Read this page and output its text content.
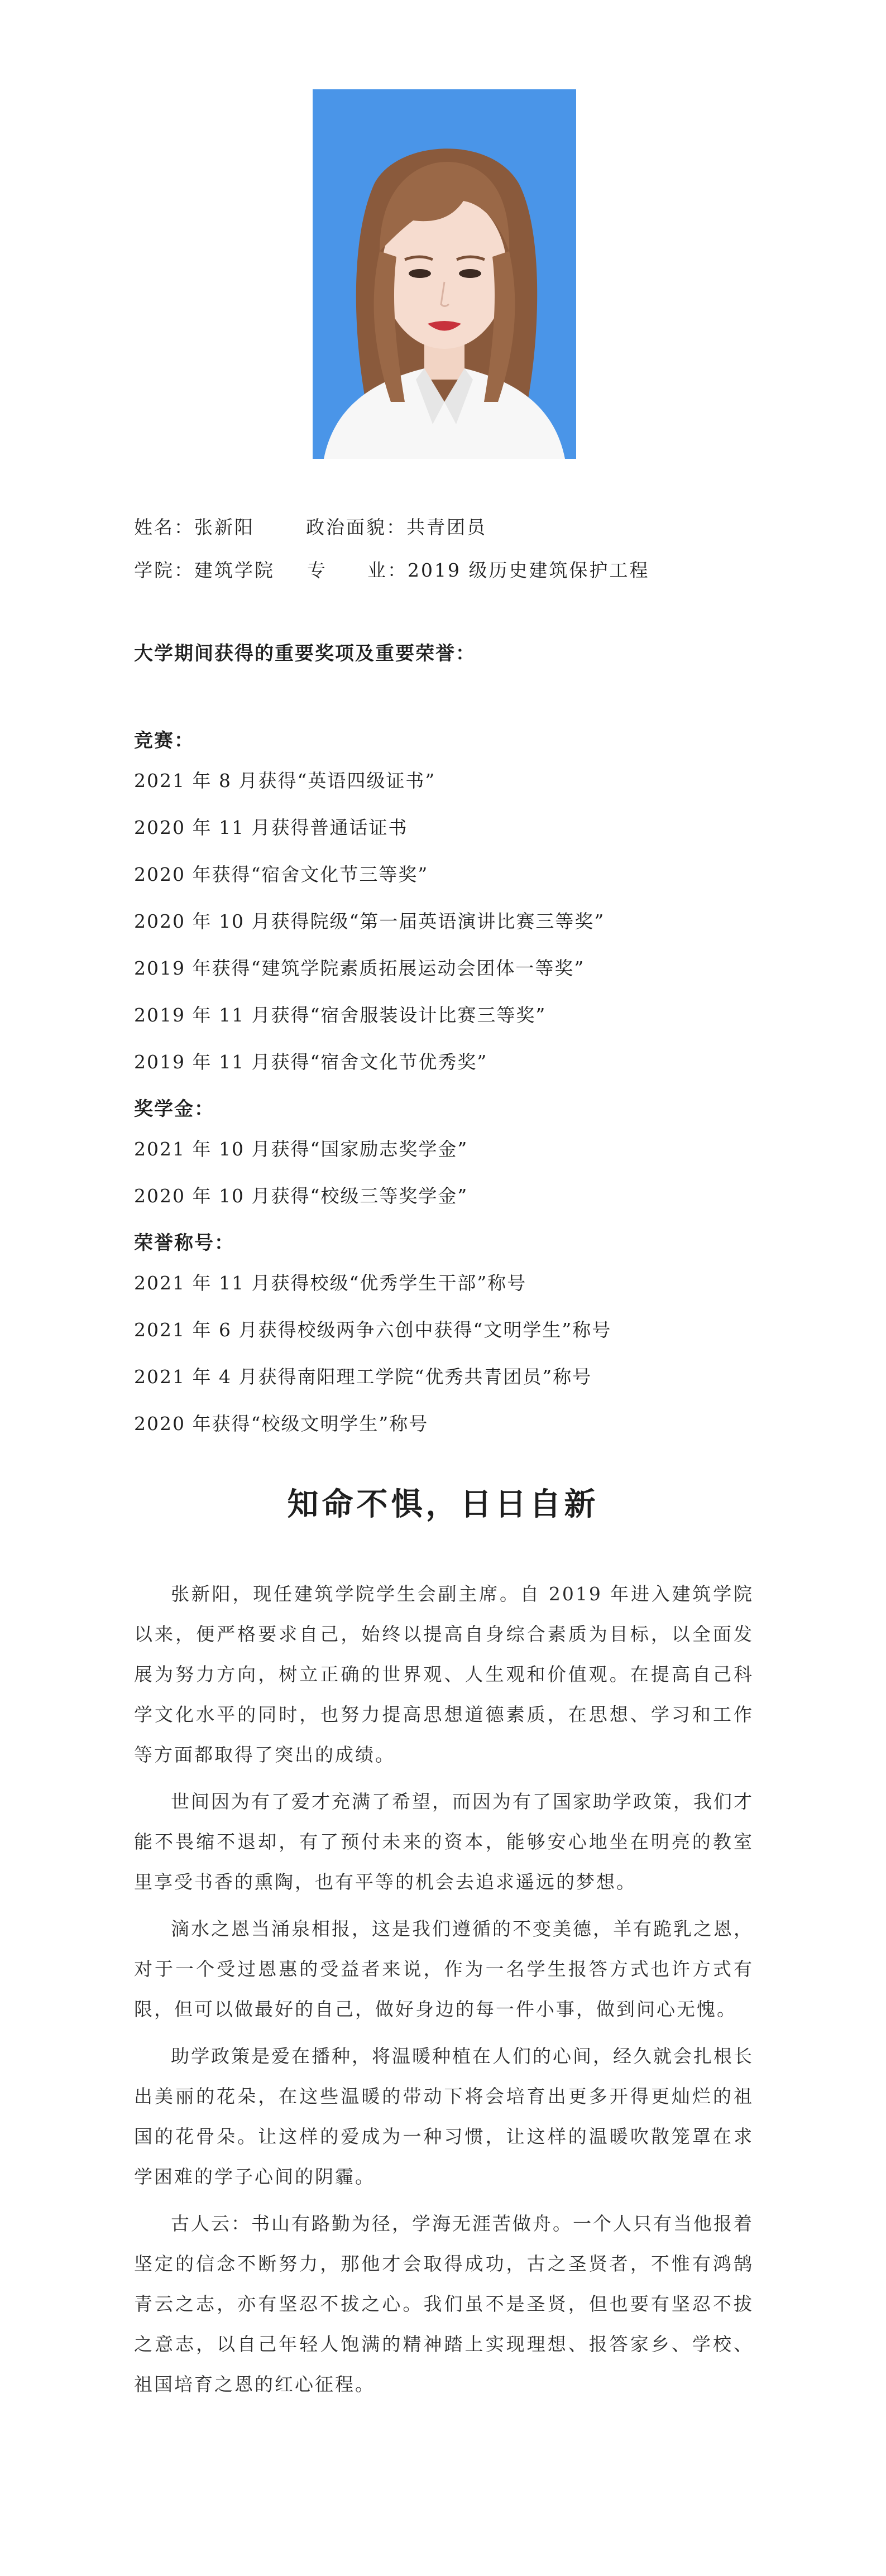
姓名：张新阳	政治面貌：共青团员
学院：建筑学院 专　　业：2019 级历史建筑保护工程
大学期间获得的重要奖项及重要荣誉：
竞赛：
2021 年 8 月获得“英语四级证书”
2020 年 11 月获得普通话证书
2020 年获得“宿舍文化节三等奖”
2020 年 10 月获得院级“第一届英语演讲比赛三等奖”
2019 年获得“建筑学院素质拓展运动会团体一等奖”
2019 年 11 月获得“宿舍服装设计比赛三等奖”
2019 年 11 月获得“宿舍文化节优秀奖”
奖学金：
2021 年 10 月获得“国家励志奖学金”
2020 年 10 月获得“校级三等奖学金”
荣誉称号：
2021 年 11 月获得校级“优秀学生干部”称号
2021 年 6 月获得校级两争六创中获得“文明学生”称号
2021 年 4 月获得南阳理工学院“优秀共青团员”称号
2020 年获得“校级文明学生”称号
知命不惧，日日自新

张新阳，现任建筑学院学生会副主席。自 2019 年进入建筑学院以来，便严格要求自己，始终以提高自身综合素质为目标，以全面发展为努力方向，树立正确的世界观、人生观和价值观。在提高自己科学文化水平的同时，也努力提高思想道德素质，在思想、学习和工作等方面都取得了突出的成绩。

世间因为有了爱才充满了希望，而因为有了国家助学政策，我们才能不畏缩不退却，有了预付未来的资本，能够安心地坐在明亮的教室里享受书香的熏陶，也有平等的机会去追求遥远的梦想。

滴水之恩当涌泉相报，这是我们遵循的不变美德，羊有跪乳之恩，对于一个受过恩惠的受益者来说，作为一名学生报答方式也许方式有限，但可以做最好的自己，做好身边的每一件小事，做到问心无愧。

助学政策是爱在播种，将温暖种植在人们的心间，经久就会扎根长出美丽的花朵，在这些温暖的带动下将会培育出更多开得更灿烂的祖国的花骨朵。让这样的爱成为一种习惯，让这样的温暖吹散笼罩在求学困难的学子心间的阴霾。

古人云：书山有路勤为径，学海无涯苦做舟。一个人只有当他报着坚定的信念不断努力，那他才会取得成功，古之圣贤者，不惟有鸿鹄青云之志，亦有坚忍不拔之心。我们虽不是圣贤，但也要有坚忍不拔之意志，以自己年轻人饱满的精神踏上实现理想、报答家乡、学校、祖国培育之恩的红心征程。
